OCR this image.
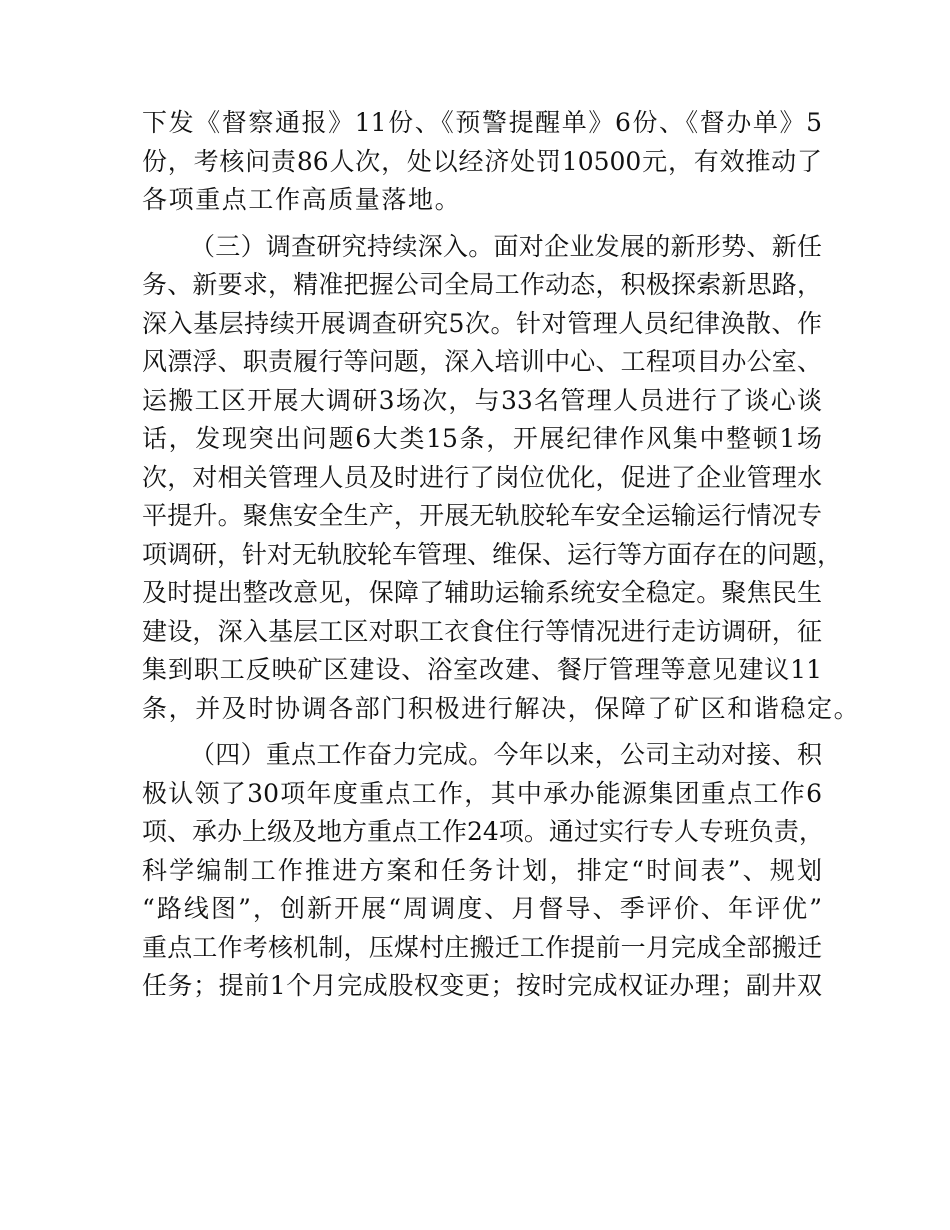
下发《督察通报》11份、《预警提醒单》6份、《督办单》5
份，考核问责86人次，处以经济处罚10500元，有效推动了
各项重点工作高质量落地。
（三）调查研究持续深入。面对企业发展的新形势、新任
务、新要求，精准把握公司全局工作动态，积极探索新思路，
深入基层持续开展调查研究5次。针对管理人员纪律涣散、作
风漂浮、职责履行等问题，深入培训中心、工程项目办公室、
运搬工区开展大调研3场次，与33名管理人员进行了谈心谈
话，发现突出问题6大类15条，开展纪律作风集中整顿1场
次，对相关管理人员及时进行了岗位优化，促进了企业管理水
平提升。聚焦安全生产，开展无轨胶轮车安全运输运行情况专
项调研，针对无轨胶轮车管理、维保、运行等方面存在的问题，
及时提出整改意见，保障了辅助运输系统安全稳定。聚焦民生
建设，深入基层工区对职工衣食住行等情况进行走访调研，征
集到职工反映矿区建设、浴室改建、餐厅管理等意见建议11
条，并及时协调各部门积极进行解决，保障了矿区和谐稳定。
（四）重点工作奋力完成。今年以来，公司主动对接、积
极认领了30项年度重点工作，其中承办能源集团重点工作6
项、承办上级及地方重点工作24项。通过实行专人专班负责，
科学编制工作推进方案和任务计划，排定“时间表”、规划
“路线图”，创新开展“周调度、月督导、季评价、年评优”
重点工作考核机制，压煤村庄搬迁工作提前一月完成全部搬迁
任务；提前1个月完成股权变更；按时完成权证办理；副井双
